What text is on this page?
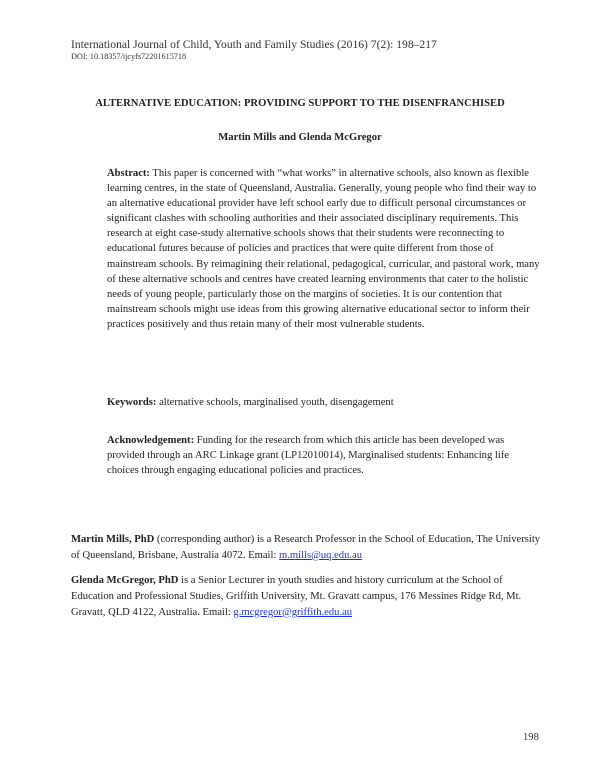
International Journal of Child, Youth and Family Studies (2016) 7(2): 198–217
DOI: 10.18357/ijcyfs72201615718
ALTERNATIVE EDUCATION: PROVIDING SUPPORT TO THE DISENFRANCHISED
Martin Mills and Glenda McGregor
Abstract: This paper is concerned with “what works” in alternative schools, also known as flexible learning centres, in the state of Queensland, Australia. Generally, young people who find their way to an alternative educational provider have left school early due to difficult personal circumstances or significant clashes with schooling authorities and their associated disciplinary requirements. This research at eight case-study alternative schools shows that their students were reconnecting to educational futures because of policies and practices that were quite different from those of mainstream schools. By reimagining their relational, pedagogical, curricular, and pastoral work, many of these alternative schools and centres have created learning environments that cater to the holistic needs of young people, particularly those on the margins of societies. It is our contention that mainstream schools might use ideas from this growing alternative educational sector to inform their practices positively and thus retain many of their most vulnerable students.
Keywords: alternative schools, marginalised youth, disengagement
Acknowledgement: Funding for the research from which this article has been developed was provided through an ARC Linkage grant (LP12010014), Marginalised students: Enhancing life choices through engaging educational policies and practices.
Martin Mills, PhD (corresponding author) is a Research Professor in the School of Education, The University of Queensland, Brisbane, Australia 4072. Email: m.mills@uq.edu.au
Glenda McGregor, PhD is a Senior Lecturer in youth studies and history curriculum at the School of Education and Professional Studies, Griffith University, Mt. Gravatt campus, 176 Messines Ridge Rd, Mt. Gravatt, QLD 4122, Australia. Email: g.mcgregor@griffith.edu.au
198
